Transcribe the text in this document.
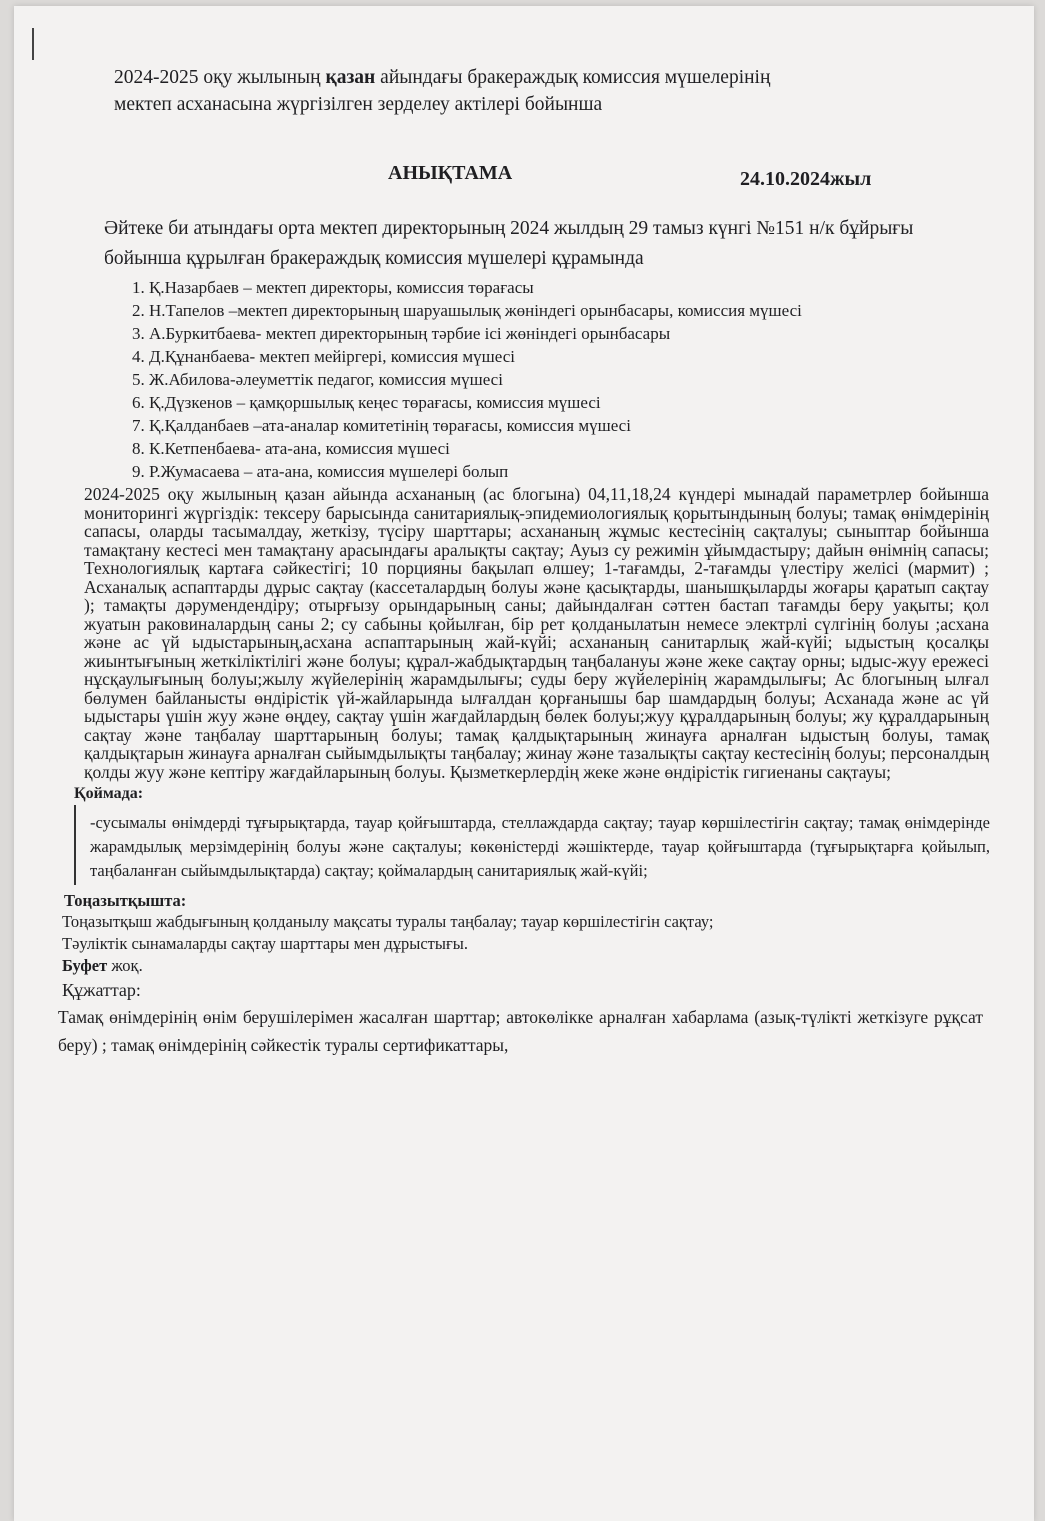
2024-2025 оқу жылының қазан айындағы бракераждық комиссия мүшелерінің
мектеп асханасына жүргізілген зерделеу актілері бойынша
АНЫҚТАМА	24.10.2024жыл
Әйтеке би атындағы орта мектеп директорының 2024 жылдың 29 тамыз күнгі №151 н/к бұйрығы бойынша құрылған бракераждық комиссия мүшелері құрамында
1. Қ.Назарбаев – мектеп директоры, комиссия төрағасы
2. Н.Тапелов –мектеп директорының шаруашылық жөніндегі орынбасары, комиссия мүшесі
3. А.Буркитбаева- мектеп директорының тәрбие ісі жөніндегі орынбасары
4. Д.Құнанбаева- мектеп мейіргері, комиссия мүшесі
5. Ж.Абилова-әлеуметтік педагог, комиссия мүшесі
6. Қ.Дүзкенов – қамқоршылық кеңес төрағасы, комиссия мүшесі
7. Қ.Қалданбаев –ата-аналар комитетінің төрағасы, комиссия мүшесі
8. К.Кетпенбаева- ата-ана, комиссия мүшесі
9. Р.Жумасаева – ата-ана, комиссия мүшелері болып
2024-2025 оқу жылының қазан айында асхананың (ас блогына) 04,11,18,24 күндері мынадай параметрлер бойынша мониторингі жүргіздік: тексеру барысында санитариялық-эпидемиологиялық қорытындының болуы; тамақ өнімдерінің сапасы, оларды тасымалдау, жеткізу, түсіру шарттары; асхананың жұмыс кестесінің сақталуы; сыныптар бойынша тамақтану кестесі мен тамақтану арасындағы аралықты сақтау; Ауыз су режимін ұйымдастыру; дайын өнімнің сапасы; Технологиялық картаға сәйкестігі; 10 порцияны бақылап өлшеу; 1-тағамды, 2-тағамды үлестіру желісі (мармит) ; Асханалық аспаптарды дұрыс сақтау (кассеталардың болуы және қасықтарды, шанышқыларды жоғары қаратып сақтау ); тамақты дәрумендендіру; отырғызу орындарының саны; дайындалған сәттен бастап тағамды беру уақыты; қол жуатын раковиналардың саны 2; су сабыны қойылған, бір рет қолданылатын немесе электрлі сүлгінің болуы ;асхана және ас үй ыдыстарының,асхана аспаптарының жай-күйі; асхананың санитарлық жай-күйі; ыдыстың қосалқы жиынтығының жеткіліктілігі және болуы; құрал-жабдықтардың таңбалануы және жеке сақтау орны; ыдыс-жуу ережесі нұсқаулығының болуы;жылу жүйелерінің жарамдылығы; суды беру жүйелерінің жарамдылығы; Ас блогының ылғал бөлумен байланысты өндірістік үй-жайларында ылғалдан қорғанышы бар шамдардың болуы; Асханада және ас үй ыдыстары үшін жуу және өңдеу, сақтау үшін жағдайлардың бөлек болуы;жуу құралдарының болуы; жу құралдарының сақтау және таңбалау шарттарының болуы; тамақ қалдықтарының жинауға арналған ыдыстың болуы, тамақ қалдықтарын жинауға арналған сыйымдылықты таңбалау; жинау және тазалықты сақтау кестесінің болуы; персоналдың қолды жуу және кептіру жағдайларының болуы. Қызметкерлердің жеке және өндірістік гигиенаны сақтауы;
Қоймада:
-сусымалы өнімдерді тұғырықтарда, тауар қойғыштарда, стеллаждарда сақтау; тауар көршілестігін сақтау; тамақ өнімдерінде жарамдылық мерзімдерінің болуы және сақталуы; көкөністерді жәшіктерде, тауар қойғыштарда (тұғырықтарға қойылып, таңбаланған сыйымдылықтарда) сақтау; қоймалардың санитариялық жай-күйі;
Тоңазытқышта:
Тоңазытқыш жабдығының қолданылу мақсаты туралы таңбалау; тауар көршілестігін сақтау;
Тәуліктік сынамаларды сақтау шарттары мен дұрыстығы.
Буфет жоқ.
Құжаттар:
Тамақ өнімдерінің өнім берушілерімен жасалған шарттар; автокөлікке арналған хабарлама (азық-түлікті жеткізуге рұқсат беру) ; тамақ өнімдерінің сәйкестік туралы сертификаттары,
